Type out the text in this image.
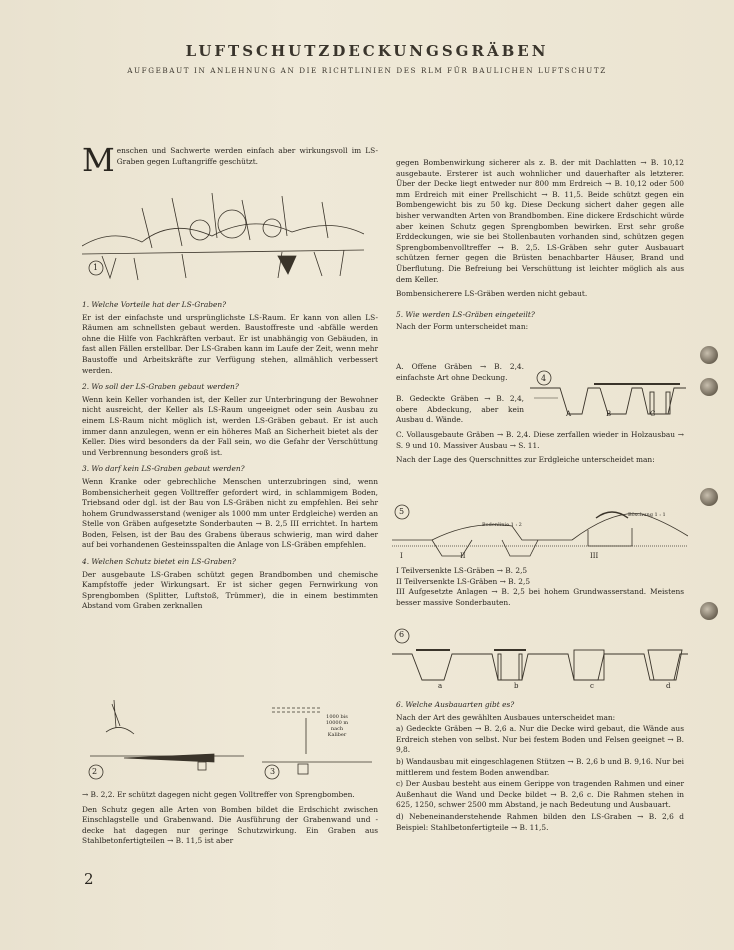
LUFTSCHUTZDECKUNGSGRÄBEN
AUFGEBAUT IN ANLEHNUNG AN DIE RICHTLINIEN DES RLM FÜR BAULICHEN LUFTSCHUTZ

Menschen und Sachwerte werden einfach aber wirkungsvoll im LS-Graben gegen Luftangriffe geschützt.

1

1. Welche Vorteile hat der LS-Graben?

Er ist der einfachste und ursprünglichste LS-Raum. Er kann von allen LS-Räumen am schnellsten gebaut werden. Baustoffreste und -abfälle werden ohne die Hilfe von Fachkräften verbaut. Er ist unabhängig von Gebäuden, in fast allen Fällen erstellbar. Der LS-Graben kann im Laufe der Zeit, wenn mehr Baustoffe und Arbeitskräfte zur Verfügung stehen, allmählich verbessert werden.

2. Wo soll der LS-Graben gebaut werden?

Wenn kein Keller vorhanden ist, der Keller zur Unterbringung der Bewohner nicht ausreicht, der Keller als LS-Raum ungeeignet oder sein Ausbau zu einem LS-Raum nicht möglich ist, werden LS-Gräben gebaut. Er ist auch immer dann anzulegen, wenn er ein höheres Maß an Sicherheit bietet als der Keller. Dies wird besonders da der Fall sein, wo die Gefahr der Verschüttung und Verbrennung besonders groß ist.

3. Wo darf kein LS-Graben gebaut werden?

Wenn Kranke oder gebrechliche Menschen unterzubringen sind, wenn Bombensicherheit gegen Volltreffer gefordert wird, in schlammigem Boden, Triebsand oder dgl. ist der Bau von LS-Gräben nicht zu empfehlen. Bei sehr hohem Grundwasserstand (weniger als 1000 mm unter Erdgleiche) werden an Stelle von Gräben aufgesetzte Sonderbauten → B. 2,5 III errichtet. In hartem Boden, Felsen, ist der Bau des Grabens überaus schwierig, man wird daher auf bei vorhandenen Gesteinsspalten die Anlage von LS-Gräben empfehlen.

4. Welchen Schutz bietet ein LS-Graben?

Der ausgebaute LS-Graben schützt gegen Brandbomben und chemische Kampfstoffe jeder Wirkungsart. Er ist sicher gegen Fernwirkung von Sprengbomben (Splitter, Luftstoß, Trümmer), die in einem bestimmten Abstand vom Graben zerknallen

2	3
1000 bis 10000 m nach Kaliber

→ B. 2,2. Er schützt dagegen nicht gegen Volltreffer von Sprengbomben.

Den Schutz gegen alle Arten von Bomben bildet die Erdschicht zwischen Einschlagstelle und Grabenwand. Die Ausführung der Grabenwand und -decke hat dagegen nur geringe Schutzwirkung. Ein Graben aus Stahlbetonfertigteilen → B. 11,5 ist aber

2

gegen Bombenwirkung sicherer als z. B. der mit Dachlatten → B. 10,12 ausgebaute. Ersterer ist auch wohnlicher und dauerhafter als letzterer. Über der Decke liegt entweder nur 800 mm Erdreich → B. 10,12 oder 500 mm Erdreich mit einer Prellschicht → B. 11,5. Beide schützt gegen ein Bombengewicht bis zu 50 kg. Diese Deckung sichert daher gegen alle bisher verwandten Arten von Brandbomben. Eine dickere Erdschicht würde aber keinen Schutz gegen Sprengbomben bewirken. Erst sehr große Erddeckungen, wie sie bei Stollenbauten vorhanden sind, schützen gegen Sprengbombenvolltreffer → B. 2,5. LS-Gräben sehr guter Ausbauart schützen ferner gegen die Brüsten benachbarter Häuser, Brand und Überflutung. Die Befreiung bei Verschüttung ist leichter möglich als aus dem Keller.

Bombensicherere LS-Gräben werden nicht gebaut.

5. Wie werden LS-Gräben eingeteilt?

Nach der Form unterscheidet man:

A. Offene Gräben → B. 2,4. einfachste Art ohne Deckung.
B. Gedeckte Gräben → B. 2,4, obere Abdeckung, aber kein Ausbau d. Wände.
4
A	B	C

C. Vollausgebaute Gräben → B. 2,4. Diese zerfallen wieder in Holzausbau → S. 9 und 10. Massiver Ausbau → S. 11.

Nach der Lage des Querschnittes zur Erdgleiche unterscheidet man:

5
Bodenlinie 1 : 2
Böschung 1 : 1
I	II	III
I Teilversenkte LS-Gräben → B. 2,5
II Teilversenkte LS-Gräben → B. 2,5
III Aufgesetzte Anlagen → B. 2,5 bei hohem Grundwasserstand. Meistens besser massive Sonderbauten.
6
a	b	c	d

6. Welche Ausbauarten gibt es?

Nach der Art des gewählten Ausbaues unterscheidet man:

a) Gedeckte Gräben → B. 2,6 a. Nur die Decke wird gebaut, die Wände aus Erdreich stehen von selbst. Nur bei festem Boden und Felsen geeignet → B. 9,8.

b) Wandausbau mit eingeschlagenen Stützen → B. 2,6 b und B. 9,16. Nur bei mittlerem und festem Boden anwendbar.

c) Der Ausbau besteht aus einem Gerippe von tragenden Rahmen und einer Außenhaut die Wand und Decke bildet → B. 2,6 c. Die Rahmen stehen in 625, 1250, schwer 2500 mm Abstand, je nach Bedeutung und Ausbauart.

d) Nebeneinanderstehende Rahmen bilden den LS-Graben → B. 2,6 d Beispiel: Stahlbetonfertigteile → B. 11,5.
